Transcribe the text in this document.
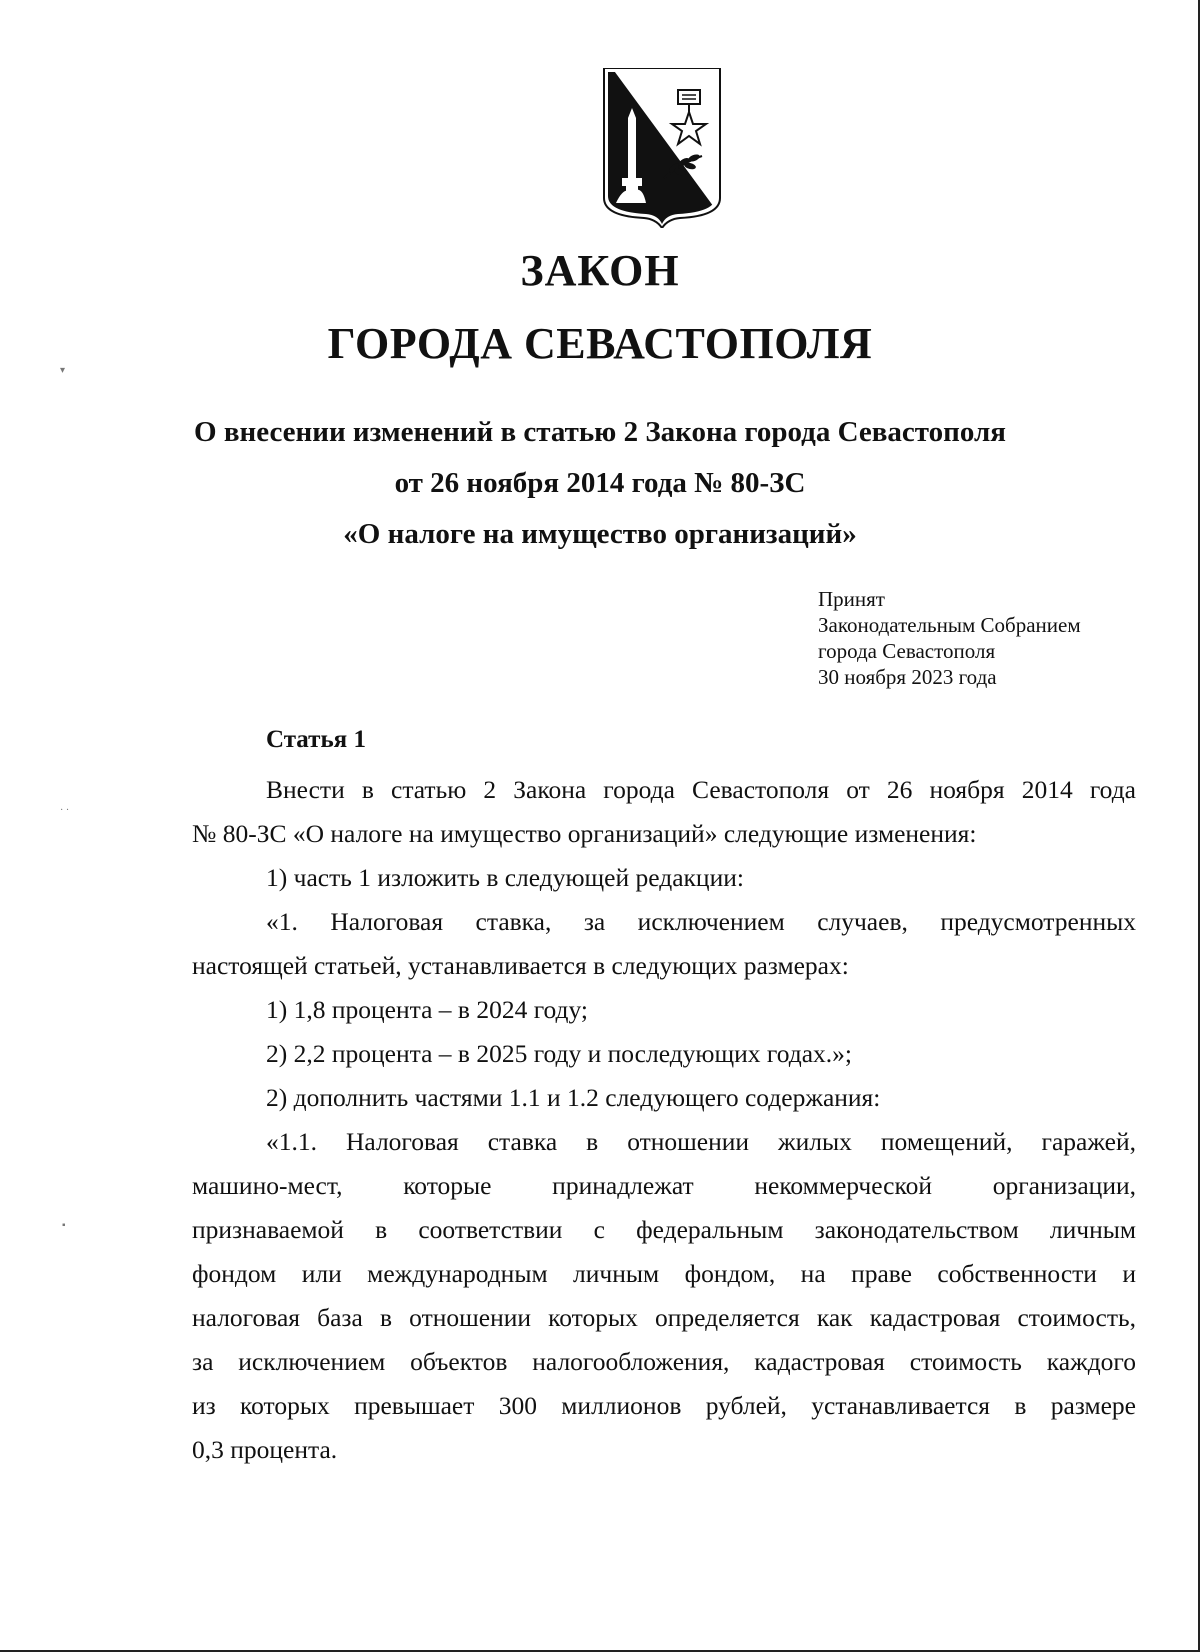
ЗАКОН
ГОРОДА СЕВАСТОПОЛЯ
О внесении изменений в статью 2 Закона города Севастополя
от 26 ноября 2014 года № 80-ЗС
«О налоге на имущество организаций»
Принят
Законодательным Собранием
города Севастополя
30 ноября 2023 года
Статья 1
Внести в статью 2 Закона города Севастополя от 26 ноября 2014 года
№ 80-ЗС «О налоге на имущество организаций» следующие изменения:
1) часть 1 изложить в следующей редакции:
«1. Налоговая ставка, за исключением случаев, предусмотренных
настоящей статьей, устанавливается в следующих размерах:
1) 1,8 процента – в 2024 году;
2) 2,2 процента – в 2025 году и последующих годах.»;
2) дополнить частями 1.1 и 1.2 следующего содержания:
«1.1. Налоговая ставка в отношении жилых помещений, гаражей,
машино-мест, которые принадлежат некоммерческой организации,
признаваемой в соответствии с федеральным законодательством личным
фондом или международным личным фондом, на праве собственности и
налоговая база в отношении которых определяется как кадастровая стоимость,
за исключением объектов налогообложения, кадастровая стоимость каждого
из которых превышает 300 миллионов рублей, устанавливается в размере
0,3 процента.
▾
· ·
▪
